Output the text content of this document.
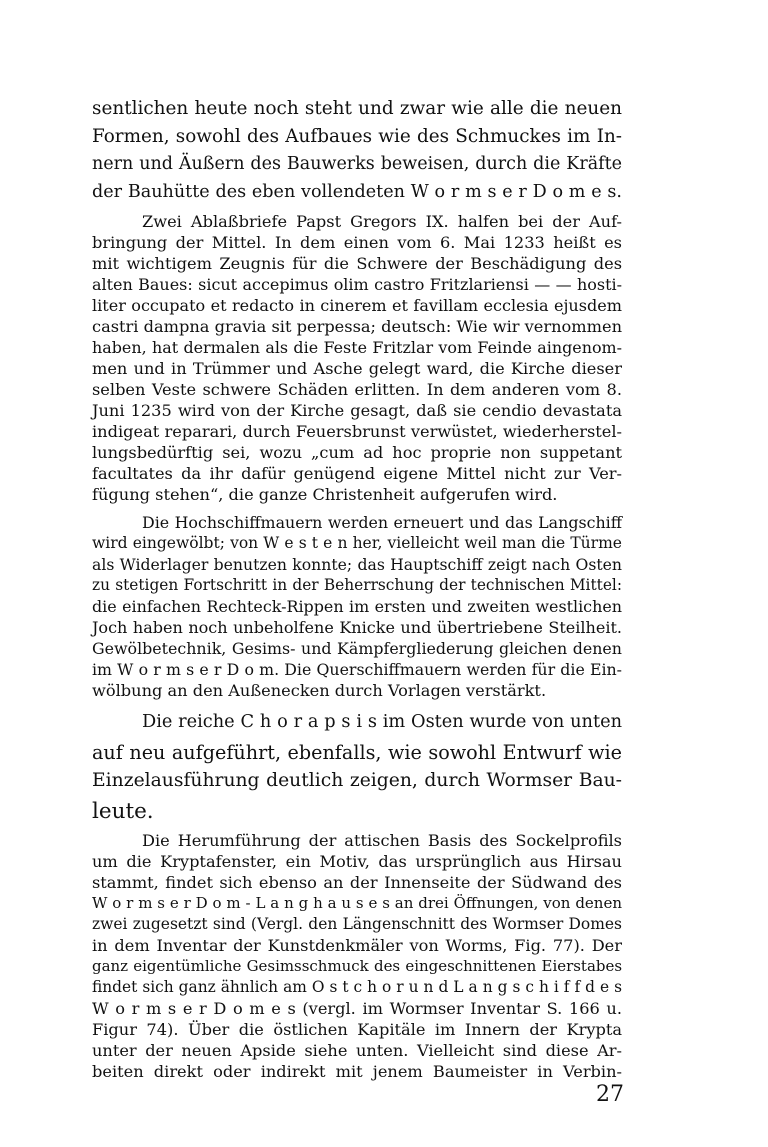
sentlichen heute noch steht und zwar wie alle die neuen
Formen, sowohl des Aufbaues wie des Schmuckes im In-
nern und Äußern des Bauwerks beweisen, durch die Kräfte
der Bauhütte des eben vollendeten W o r m s e r D o m e s.
Zwei Ablaßbriefe Papst Gregors IX. halfen bei der Auf-
bringung der Mittel. In dem einen vom 6. Mai 1233 heißt es
mit wichtigem Zeugnis für die Schwere der Beschädigung des
alten Baues: sicut accepimus olim castro Fritzlariensi — — hosti-
liter occupato et redacto in cinerem et favillam ecclesia ejusdem
castri dampna gravia sit perpessa; deutsch: Wie wir vernommen
haben, hat dermalen als die Feste Fritzlar vom Feinde aingenom-
men und in Trümmer und Asche gelegt ward, die Kirche dieser
selben Veste schwere Schäden erlitten. In dem anderen vom 8.
Juni 1235 wird von der Kirche gesagt, daß sie cendio devastata
indigeat reparari, durch Feuersbrunst verwüstet, wiederherstel-
lungsbedürftig sei, wozu „cum ad hoc proprie non suppetant
facultates da ihr dafür genügend eigene Mittel nicht zur Ver-
fügung stehen“, die ganze Christenheit aufgerufen wird.
Die Hochschiffmauern werden erneuert und das Langschiff
wird eingewölbt; von W e s t e n her, vielleicht weil man die Türme
als Widerlager benutzen konnte; das Hauptschiff zeigt nach Osten
zu stetigen Fortschritt in der Beherrschung der technischen Mittel:
die einfachen Rechteck-Rippen im ersten und zweiten westlichen
Joch haben noch unbeholfene Knicke und übertriebene Steilheit.
Gewölbetechnik, Gesims- und Kämpfergliederung gleichen denen
im W o r m s e r D o m. Die Querschiffmauern werden für die Ein-
wölbung an den Außenecken durch Vorlagen verstärkt.
Die reiche C h o r a p s i s im Osten wurde von unten
auf neu aufgeführt, ebenfalls, wie sowohl Entwurf wie
Einzelausführung deutlich zeigen, durch Wormser Bau-
leute.
Die Herumführung der attischen Basis des Sockelprofils
um die Kryptafenster, ein Motiv, das ursprünglich aus Hirsau
stammt, findet sich ebenso an der Innenseite der Südwand des
W o r m s e r D o m - L a n g h a u s e s an drei Öffnungen, von denen
zwei zugesetzt sind (Vergl. den Längenschnitt des Wormser Domes
in dem Inventar der Kunstdenkmäler von Worms, Fig. 77). Der
ganz eigentümliche Gesimsschmuck des eingeschnittenen Eierstabes
findet sich ganz ähnlich am O s t c h o r u n d L a n g s c h i f f d e s
W o r m s e r D o m e s (vergl. im Wormser Inventar S. 166 u.
Figur 74). Über die östlichen Kapitäle im Innern der Krypta
unter der neuen Apside siehe unten. Vielleicht sind diese Ar-
beiten direkt oder indirekt mit jenem Baumeister in Verbin-
27
